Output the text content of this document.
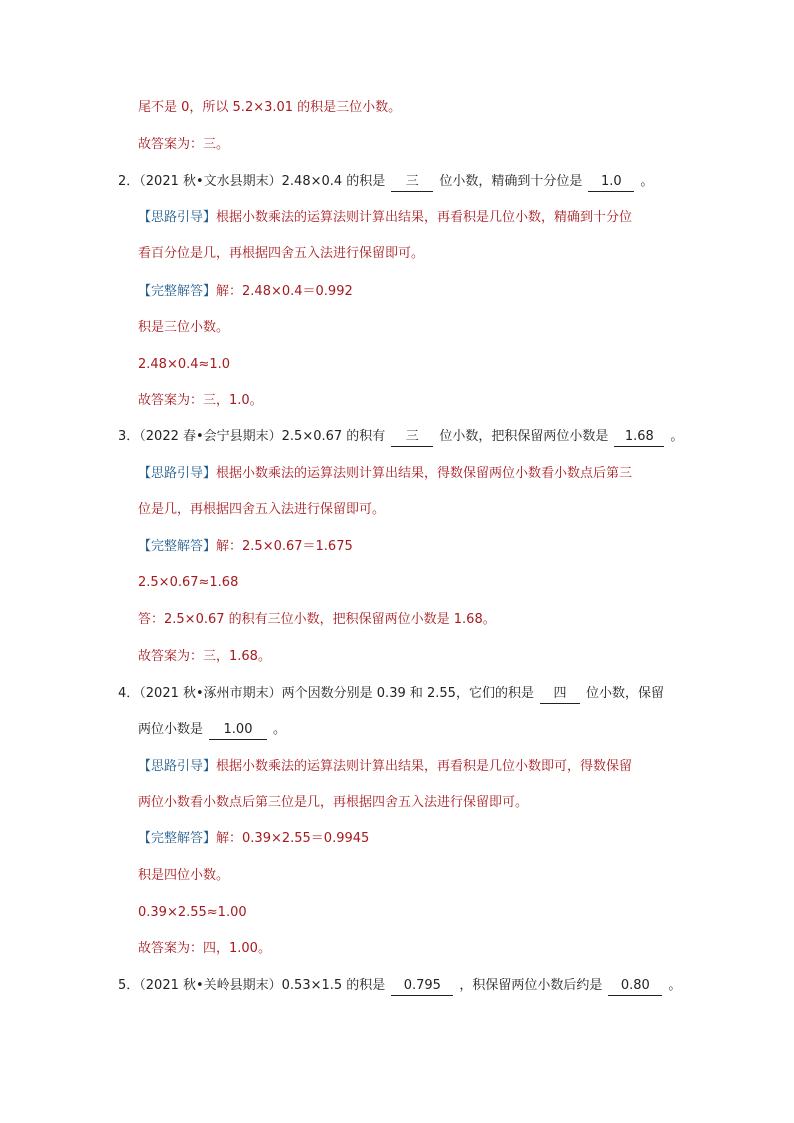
尾不是 0，所以 5.2×3.01 的积是三位小数。
故答案为：三。
2．（2021 秋•文水县期末）2.48×0.4 的积是 三 位小数，精确到十分位是 1.0 。
【思路引导】根据小数乘法的运算法则计算出结果，再看积是几位小数，精确到十分位
看百分位是几，再根据四舍五入法进行保留即可。
【完整解答】解：2.48×0.4＝0.992
积是三位小数。
2.48×0.4≈1.0
故答案为：三，1.0。
3．（2022 春•会宁县期末）2.5×0.67 的积有 三 位小数，把积保留两位小数是 1.68 。
【思路引导】根据小数乘法的运算法则计算出结果，得数保留两位小数看小数点后第三
位是几，再根据四舍五入法进行保留即可。
【完整解答】解：2.5×0.67＝1.675
2.5×0.67≈1.68
答：2.5×0.67 的积有三位小数，把积保留两位小数是 1.68。
故答案为：三，1.68。
4．（2021 秋•涿州市期末）两个因数分别是 0.39 和 2.55，它们的积是 四 位小数，保留
两位小数是 1.00 。
【思路引导】根据小数乘法的运算法则计算出结果，再看积是几位小数即可，得数保留
两位小数看小数点后第三位是几，再根据四舍五入法进行保留即可。
【完整解答】解：0.39×2.55＝0.9945
积是四位小数。
0.39×2.55≈1.00
故答案为：四，1.00。
5．（2021 秋•关岭县期末）0.53×1.5 的积是 0.795 ，积保留两位小数后约是 0.80 。
